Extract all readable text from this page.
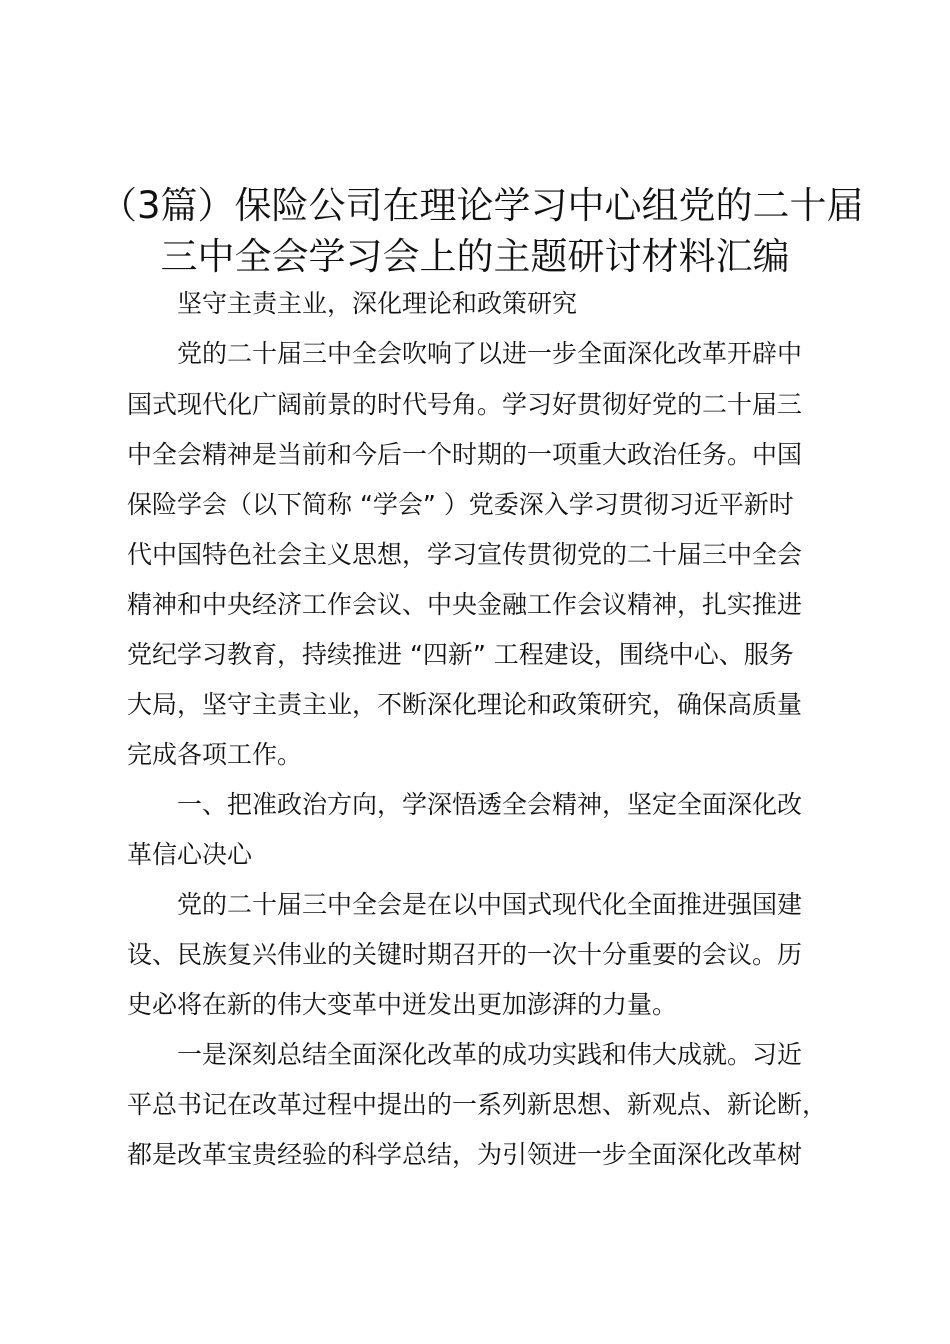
（3篇）保险公司在理论学习中心组党的二十届
三中全会学习会上的主题研讨材料汇编

坚守主责主业，深化理论和政策研究

党的二十届三中全会吹响了以进一步全面深化改革开辟中

国式现代化广阔前景的时代号角。学习好贯彻好党的二十届三

中全会精神是当前和今后一个时期的一项重大政治任务。中国

保险学会（以下简称 “学会” ）党委深入学习贯彻习近平新时

代中国特色社会主义思想，学习宣传贯彻党的二十届三中全会

精神和中央经济工作会议、中央金融工作会议精神，扎实推进

党纪学习教育，持续推进 “四新” 工程建设，围绕中心、服务

大局，坚守主责主业，不断深化理论和政策研究，确保高质量

完成各项工作。

一、把准政治方向，学深悟透全会精神，坚定全面深化改

革信心决心

党的二十届三中全会是在以中国式现代化全面推进强国建

设、民族复兴伟业的关键时期召开的一次十分重要的会议。历

史必将在新的伟大变革中迸发出更加澎湃的力量。

一是深刻总结全面深化改革的成功实践和伟大成就。习近

平总书记在改革过程中提出的一系列新思想、新观点、新论断，

都是改革宝贵经验的科学总结，为引领进一步全面深化改革树
